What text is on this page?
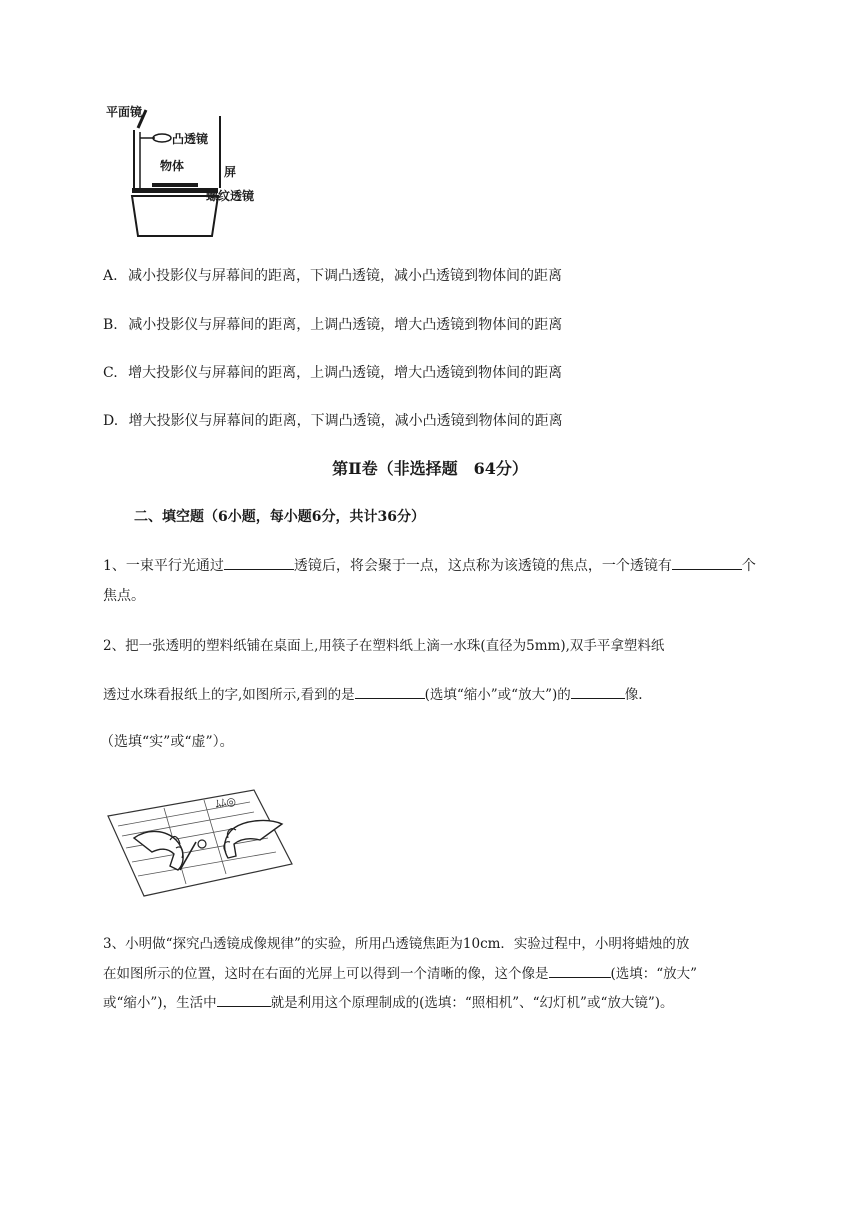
平面镜
凸透镜
物体	屏
螺纹透镜
A. 减小投影仪与屏幕间的距离，下调凸透镜，减小凸透镜到物体间的距离
B. 减小投影仪与屏幕间的距离，上调凸透镜，增大凸透镜到物体间的距离
C. 增大投影仪与屏幕间的距离，上调凸透镜，增大凸透镜到物体间的距离
D. 增大投影仪与屏幕间的距离，下调凸透镜，减小凸透镜到物体间的距离
第Ⅱ卷（非选择题　64分）
二、填空题（6小题，每小题6分，共计36分）
1、一束平行光通过	透镜后，将会聚于一点，这点称为该透镜的焦点，一个透镜有	个
焦点。
2、把一张透明的塑料纸铺在桌面上,用筷子在塑料纸上滴一水珠(直径为5mm),双手平拿塑料纸
透过水珠看报纸上的字,如图所示,看到的是	(选填“缩小”或“放大”)的	像.
（选填“实”或“虚”）。
ﾑﾑ◎
3、小明做“探究凸透镜成像规律”的实验，所用凸透镜焦距为10cm．实验过程中，小明将蜡烛的放
在如图所示的位置，这时在右面的光屏上可以得到一个清晰的像，这个像是	(选填：“放大”
或“缩小”)，生活中	就是利用这个原理制成的(选填：“照相机”、“幻灯机”或“放大镜”)。
